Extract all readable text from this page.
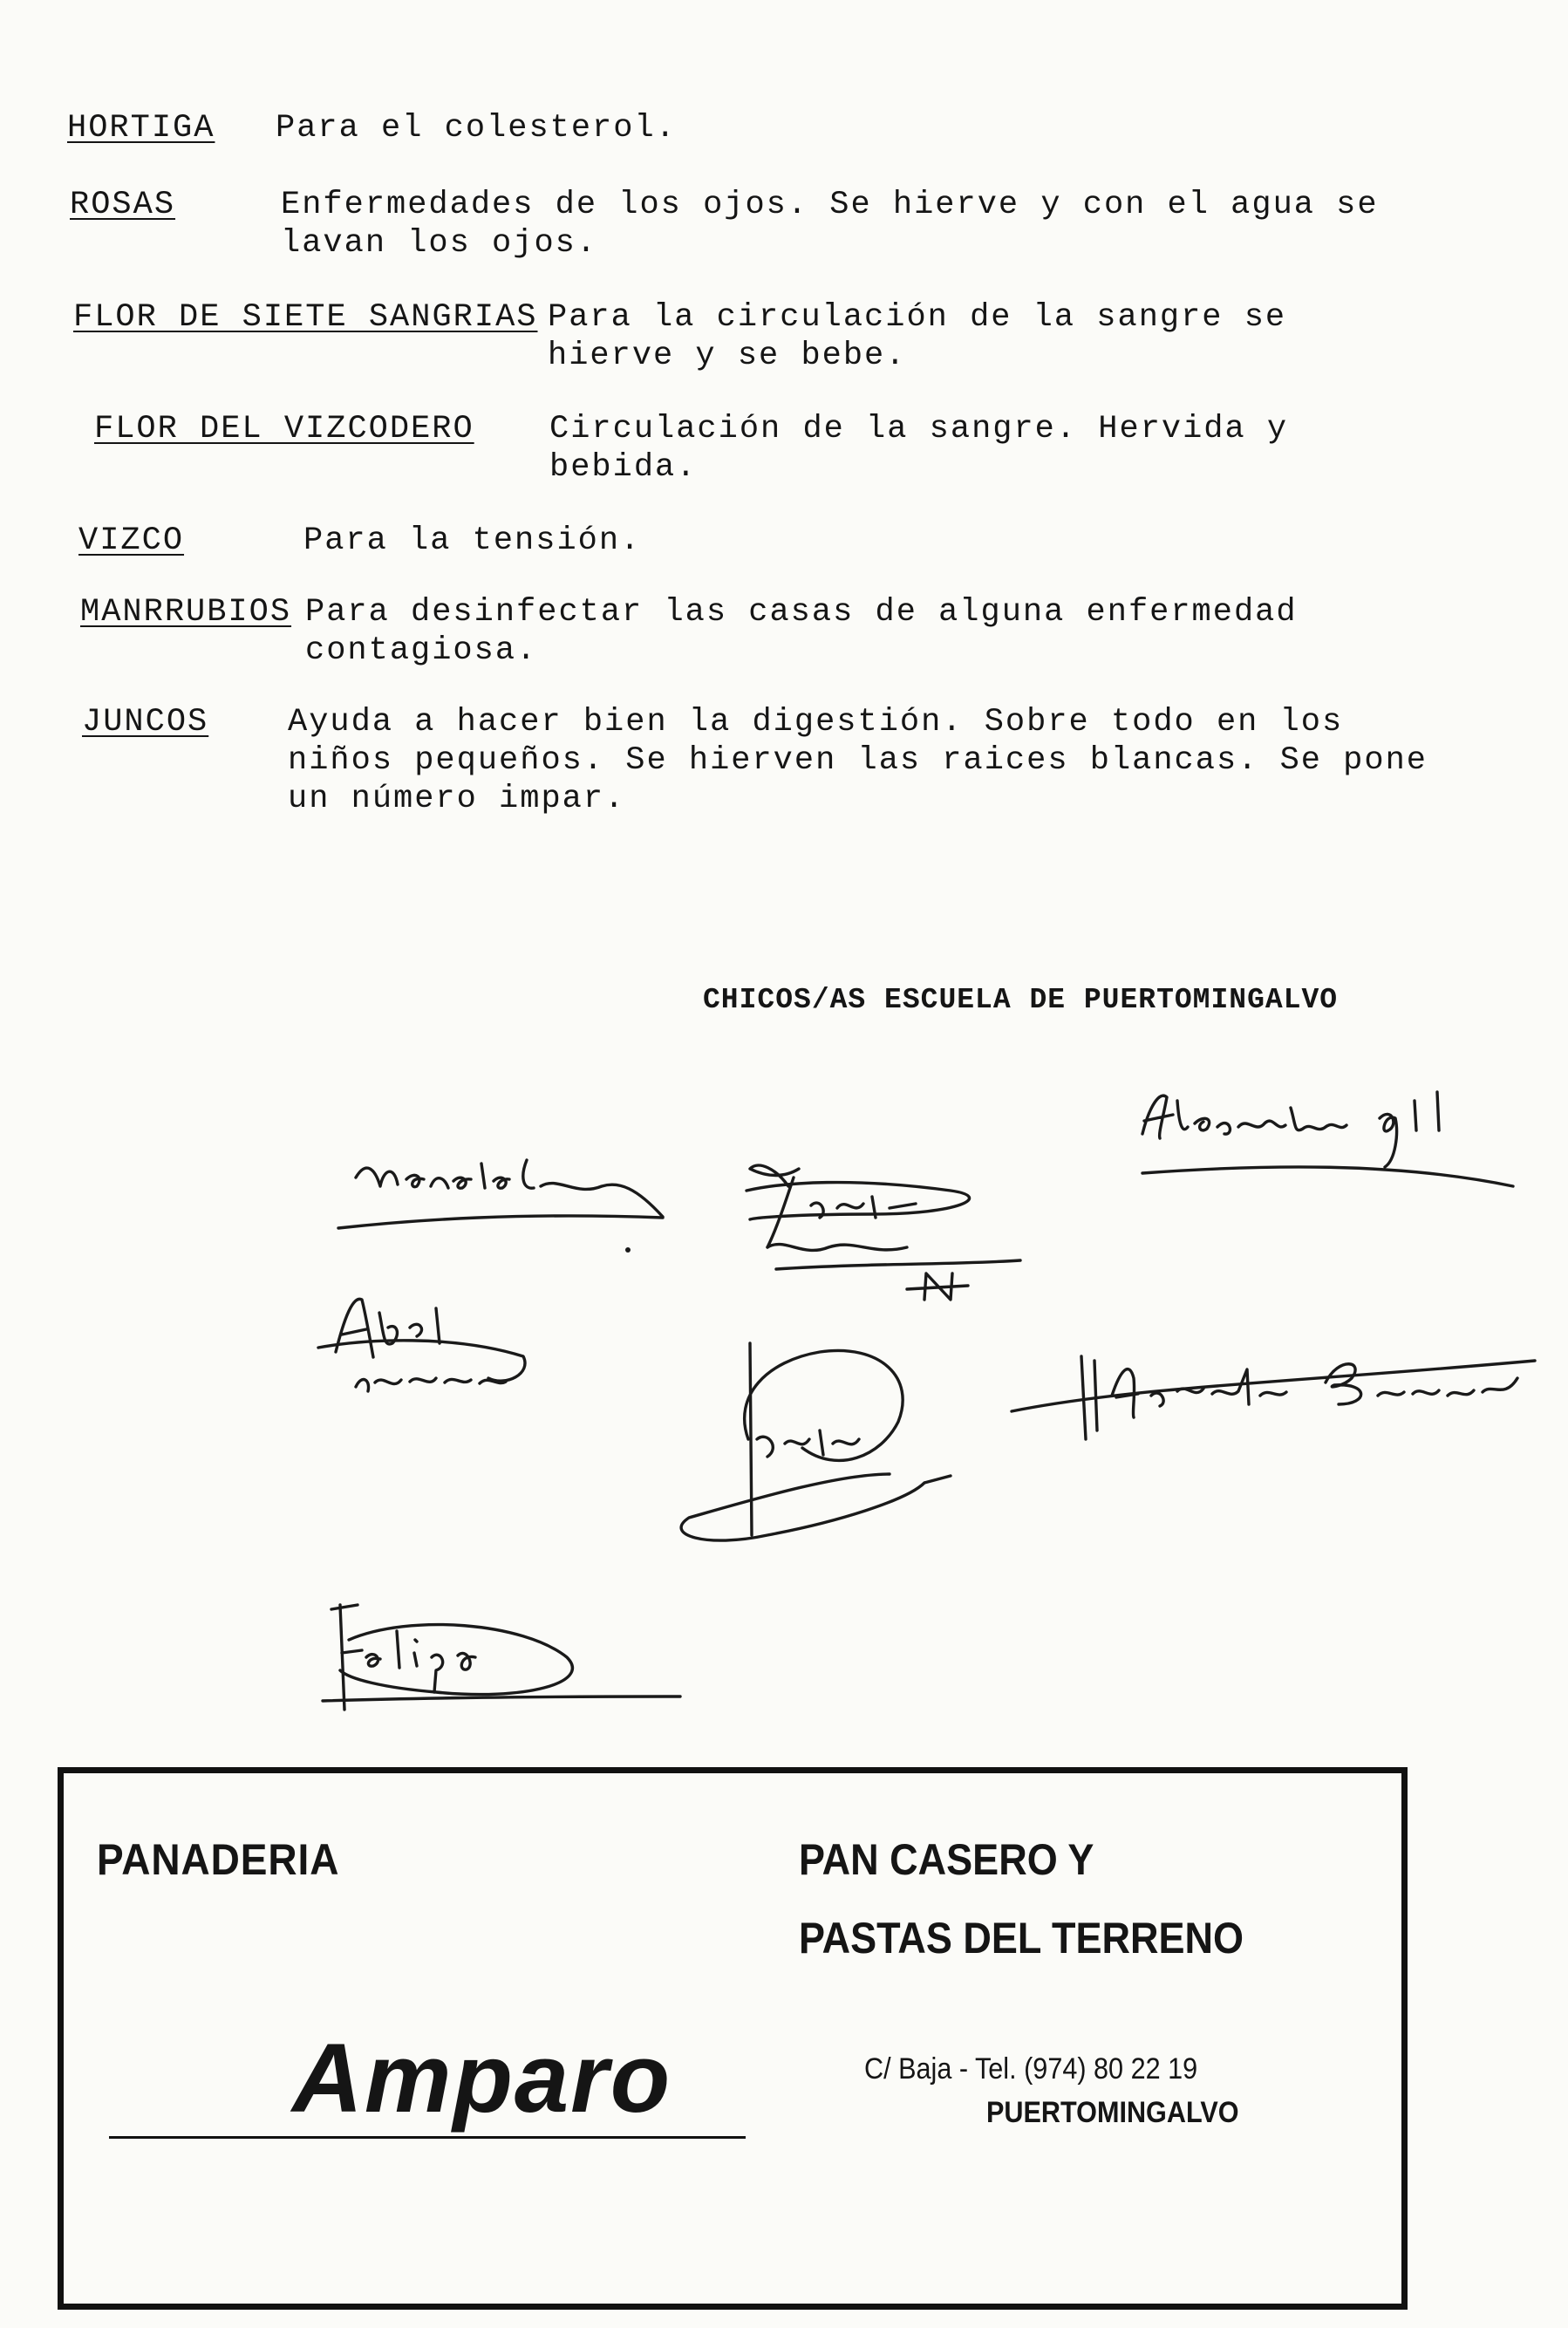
HORTIGA Para el colesterol.
ROSAS	Enfermedades de los ojos. Se hierve y con el agua se lavan los ojos.
FLOR DE SIETE SANGRIAS Para la circulación de la sangre se hierve y se bebe.
FLOR DEL VIZCODERO Circulación de la sangre. Hervida y bebida.
VIZCO	Para la tensión.
MANRRUBIOS Para desinfectar las casas de alguna enfermedad contagiosa.
JUNCOS Ayuda a hacer bien la digestión. Sobre todo en los niños pequeños. Se hierven las raices blancas. Se pone un número impar.
CHICOS/AS ESCUELA DE PUERTOMINGALVO
PANADERIA
Amparo
PAN CASERO Y
PASTAS DEL TERRENO
C/ Baja - Tel. (974) 80 22 19
PUERTOMINGALVO
